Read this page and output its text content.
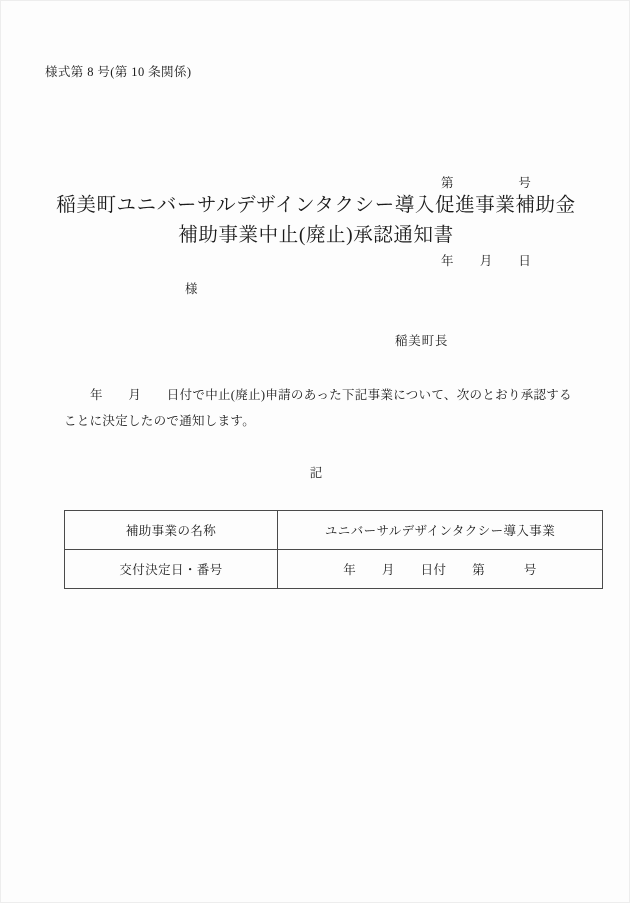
様式第 8 号(第 10 条関係)

第　　　　　号

年　　月　　日

稲美町ユニバーサルデザインタクシー導入促進事業補助金
補助事業中止(廃止)承認通知書
様
稲美町長
年　　月　　日付で中止(廃止)申請のあった下記事業について、次のとおり承認することに決定したので通知します。
記
補助事業の名称	ユニバーサルデザインタクシー導入事業
交付決定日・番号	年　　月　　日付　　第　　　号
